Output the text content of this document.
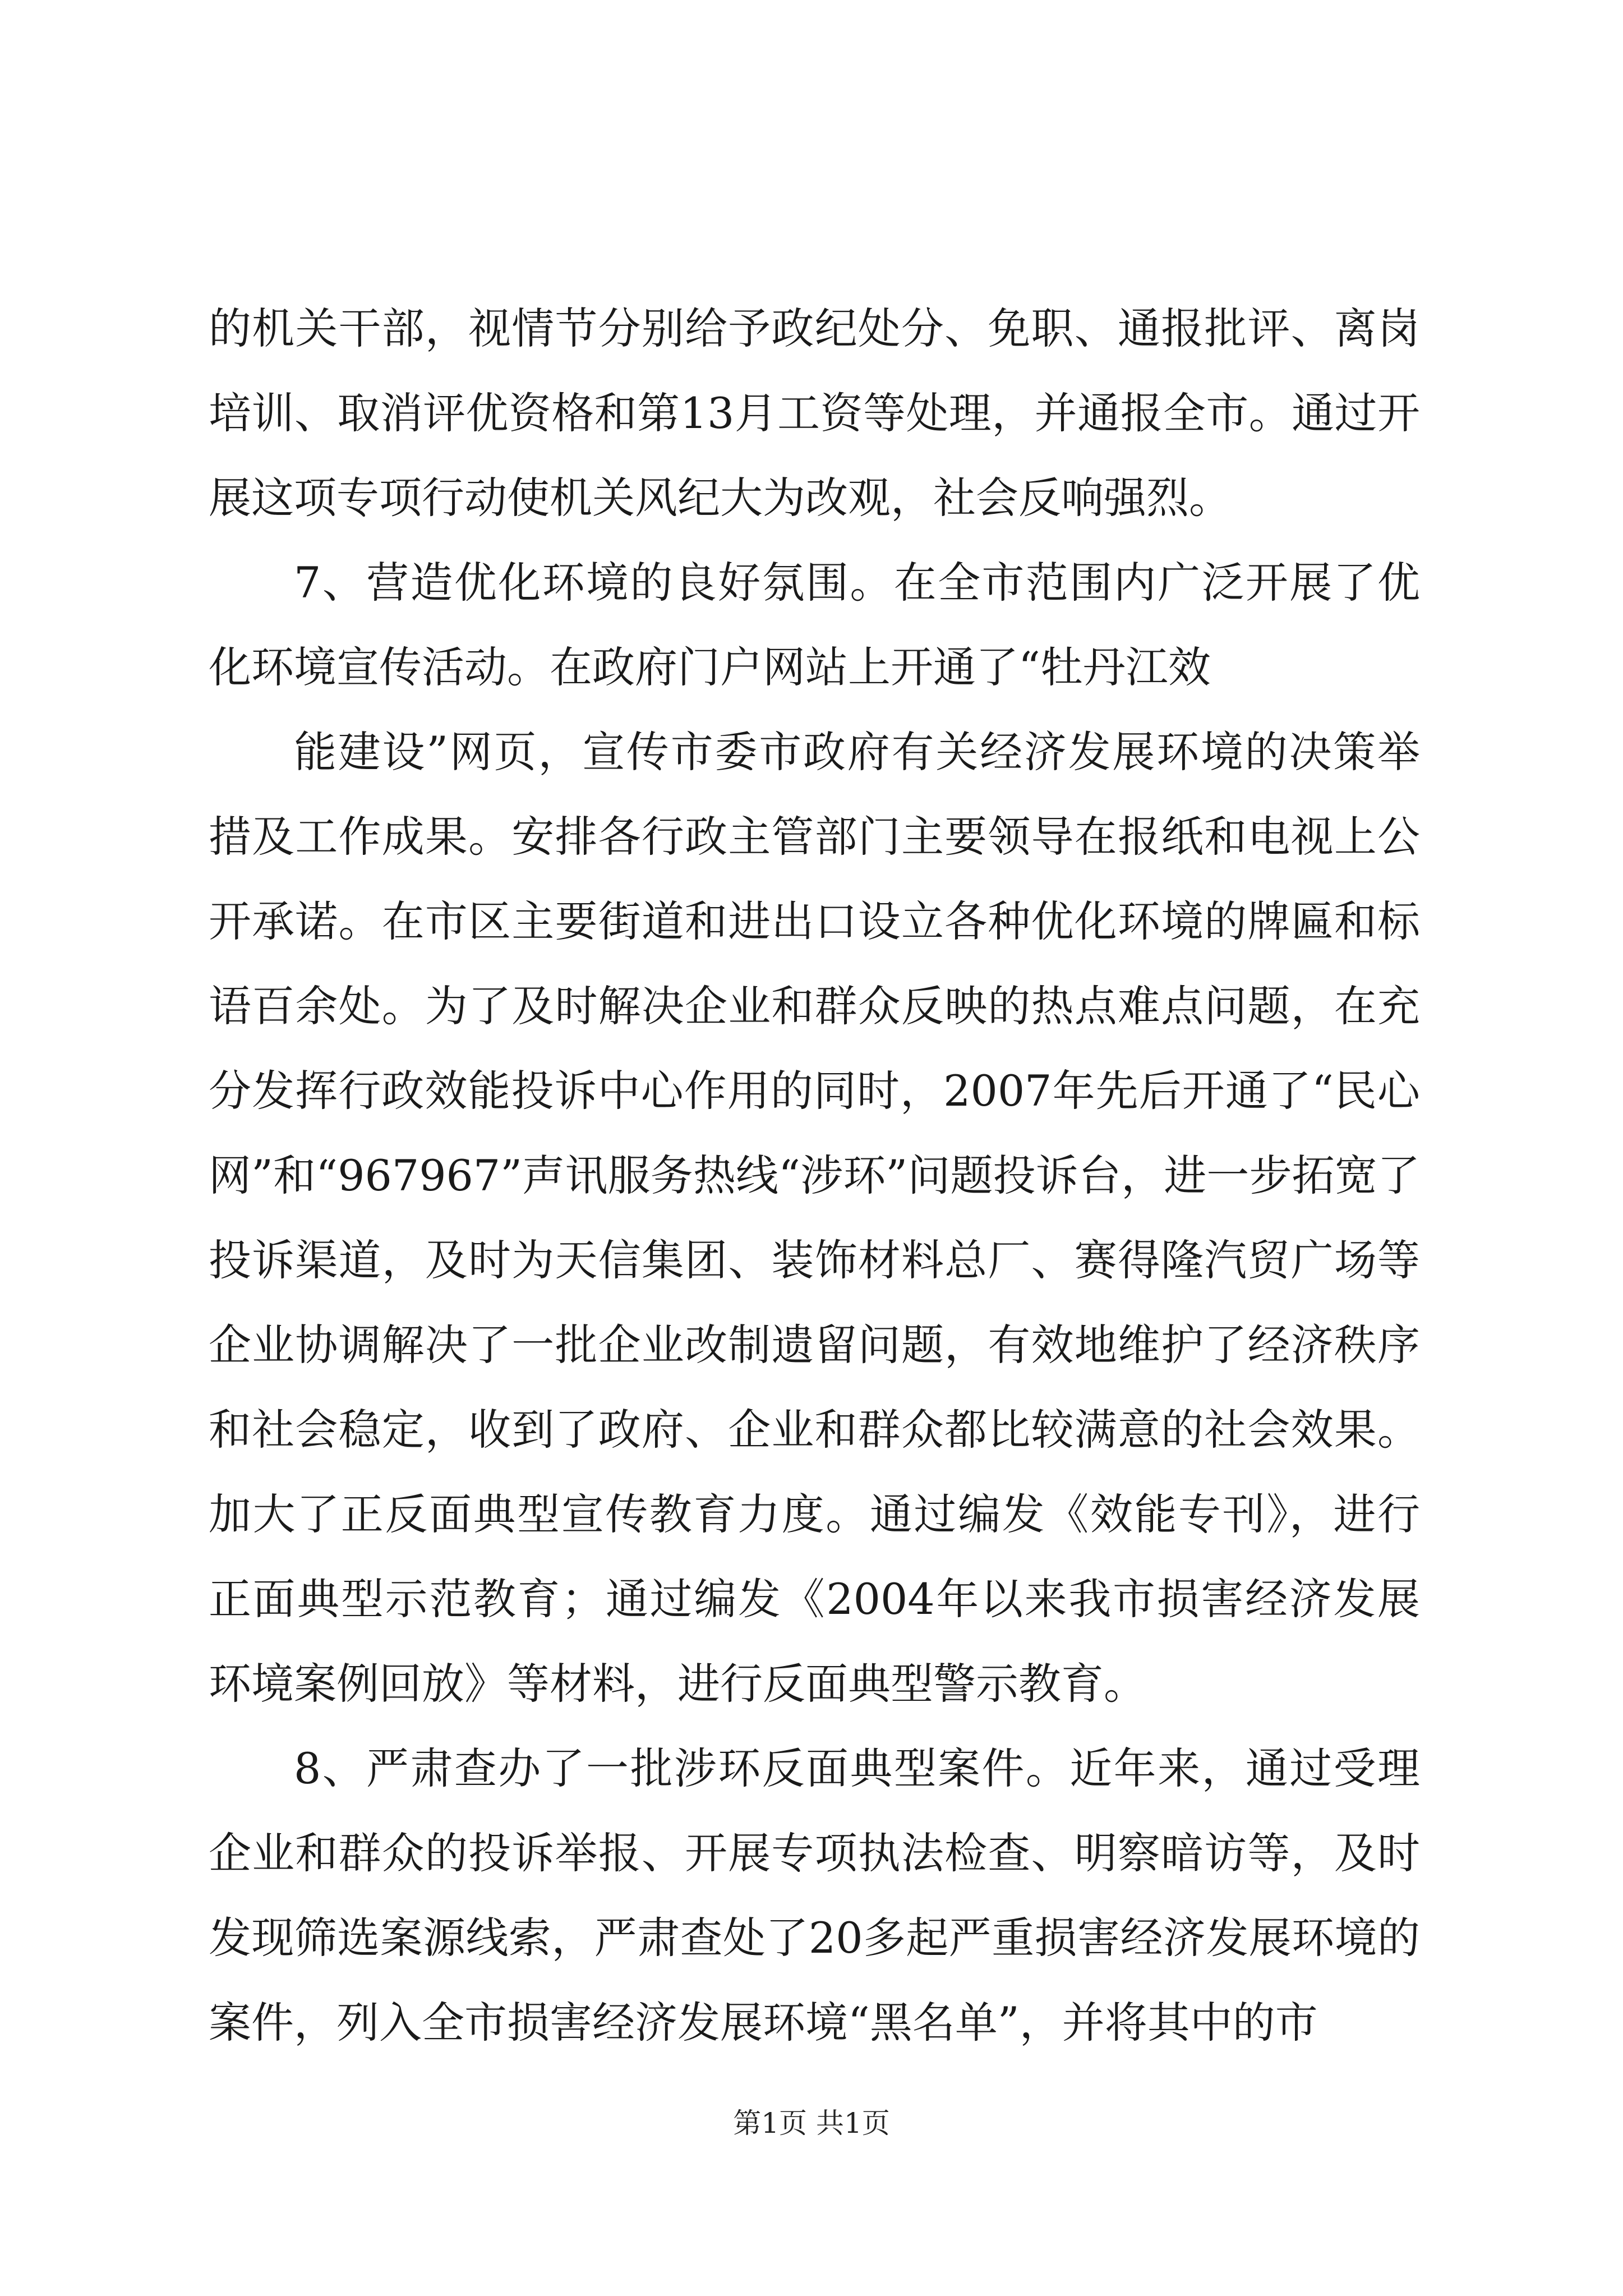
的机关干部，视情节分别给予政纪处分、免职、通报批评、离岗培训、取消评优资格和第13月工资等处理，并通报全市。通过开展这项专项行动使机关风纪大为改观，社会反响强烈。

7、营造优化环境的良好氛围。在全市范围内广泛开展了优化环境宣传活动。在政府门户网站上开通了“牡丹江效

能建设”网页，宣传市委市政府有关经济发展环境的决策举措及工作成果。安排各行政主管部门主要领导在报纸和电视上公开承诺。在市区主要街道和进出口设立各种优化环境的牌匾和标语百余处。为了及时解决企业和群众反映的热点难点问题，在充分发挥行政效能投诉中心作用的同时，2007年先后开通了“民心网”和“967967”声讯服务热线“涉环”问题投诉台，进一步拓宽了投诉渠道，及时为天信集团、装饰材料总厂、赛得隆汽贸广场等企业协调解决了一批企业改制遗留问题，有效地维护了经济秩序和社会稳定，收到了政府、企业和群众都比较满意的社会效果。加大了正反面典型宣传教育力度。通过编发《效能专刊》，进行正面典型示范教育；通过编发《2004年以来我市损害经济发展环境案例回放》等材料，进行反面典型警示教育。

8、严肃查办了一批涉环反面典型案件。近年来，通过受理企业和群众的投诉举报、开展专项执法检查、明察暗访等，及时发现筛选案源线索，严肃查处了20多起严重损害经济发展环境的案件，列入全市损害经济发展环境“黑名单”，并将其中的市

第1页 共1页
